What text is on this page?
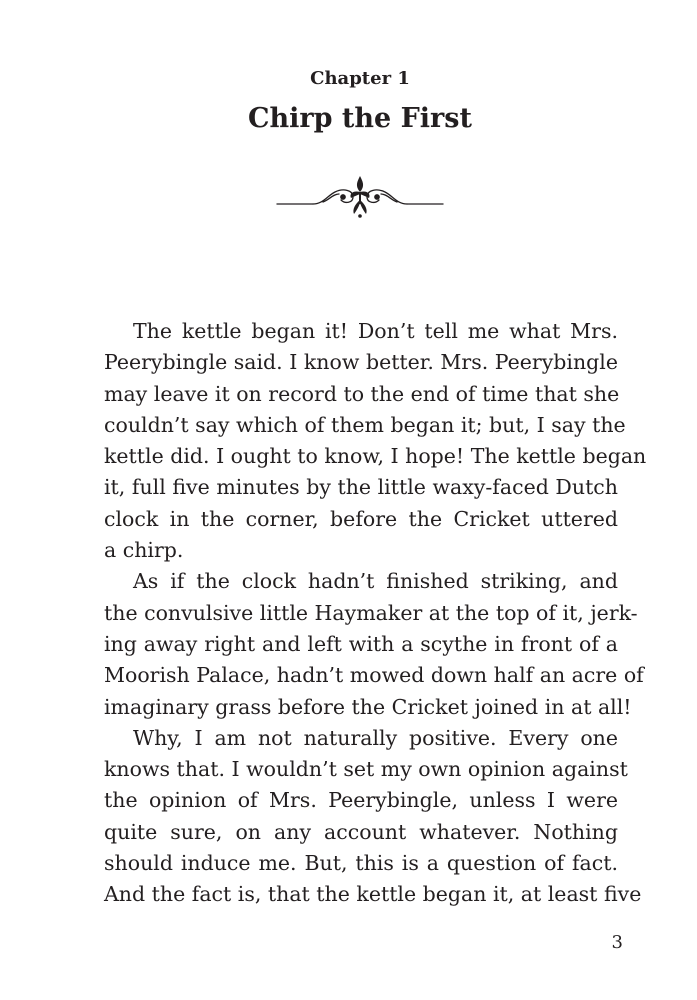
Chapter 1
Chirp the First

The kettle began it! Don’t tell me what Mrs.
Peerybingle said. I know better. Mrs. Peerybingle
may leave it on record to the end of time that she
couldn’t say which of them began it; but, I say the
kettle did. I ought to know, I hope! The kettle began
it, full five minutes by the little waxy-faced Dutch
clock in the corner, before the Cricket uttered
a chirp.

As if the clock hadn’t finished striking, and
the convulsive little Haymaker at the top of it, jerk-
ing away right and left with a scythe in front of a
Moorish Palace, hadn’t mowed down half an acre of
imaginary grass before the Cricket joined in at all!

Why, I am not naturally positive. Every one
knows that. I wouldn’t set my own opinion against
the opinion of Mrs. Peerybingle, unless I were
quite sure, on any account whatever. Nothing
should induce me. But, this is a question of fact.
And the fact is, that the kettle began it, at least five

3
